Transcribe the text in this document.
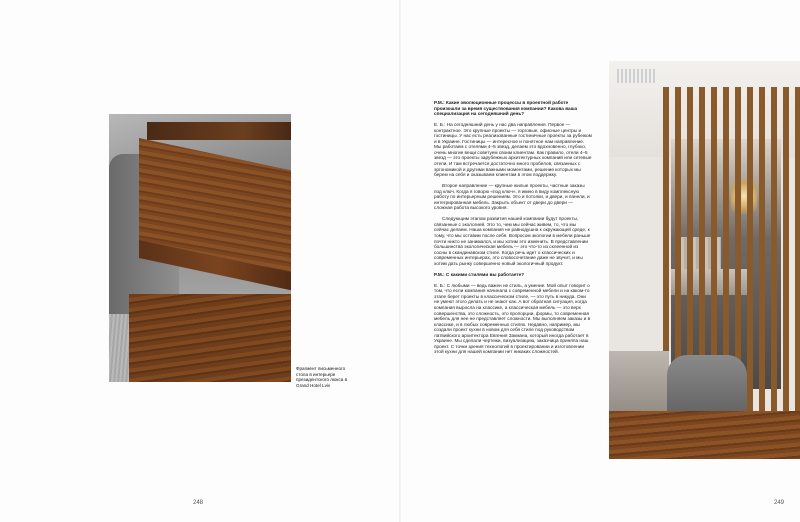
Фрагмент письменного стола в интерьере президентского люкса в Grand Hotel Lviv

P.M.: Какие эволюционные процессы в проектной работе произошли за время существования компании? Какова ваша специализация на сегодняшний день?

Е. Б.: На сегодняшний день у нас два направления. Первое — контрактное. Это крупные проекты — торговые, офисные центры и гостиницы. У нас есть реализованные гостиничные проекты за рубежом и в Украине. Гостиницы — интересное и понятное нам направление. Мы работаем с отелями 4–5 звезд, делаем это вдохновенно, глубоко, очень многие вещи советуем своим клиентам. Как правило, отели 4–5 звезд — это проекты зарубежных архитектурных компаний или сетевые отели. И там встречается достаточно много пробелов, связанных с эргономикой и другими важными моментами, решение которых мы берем на себя и оказываем клиентам в этом поддержку.

Второе направление — крупные жилые проекты, частные заказы под ключ. Когда я говорю «под ключ», я имею в виду комплексную работу по интерьерным решениям. Это и потолки, и двери, и панели, и интегрированная мебель. Закрыть объект от двери до двери — сложная работа высокого уровня.

Следующим этапом развития нашей компании будут проекты, связанные с экологией. Это то, чем мы сейчас живем, то, что мы сейчас делаем. Наша компания не равнодушна к окружающей среде, к тому, что мы оставим после себя. Вопросом экологии в мебели раньше почти никто не занимался, и мы хотим это изменить. В представлении большинства экологическая мебель — это что-то из склеенной из сосны в скандинавском стиле. Когда речь идет о классических и современных интерьерах, это словосочетание даже не звучит, и мы хотим дать рынку совершенно новый экологичный продукт.

P.M.: С какими стилями вы работаете?

Е. Б.: С любыми — ведь важен не стиль, а умение. Мой опыт говорит о том, что если компания начинала с современной мебели и на каком-то этапе берет проекты в классическом стиле, — это путь в никуда. Они не умеют этого делать и не знают как. А вот обратная ситуация, когда компания выросла на классике, а классическая мебель — это верх совершенства, это сложность, это пропорции, формы, то современная мебель для нее не представляет сложности. Мы выполняем заказы и в классике, и в любых современных стилях. Недавно, например, мы создали проект кухни в новом для себя стиле под руководством латвийского архитектора Евгения Закмана, который иногда работает в Украине. Мы сделали чертежи, визуализацию, заказчица приняла наш проект. С точки зрения технологий в проектировании и изготовлении этой кухни для нашей компании нет никаких сложностей.

248	249
